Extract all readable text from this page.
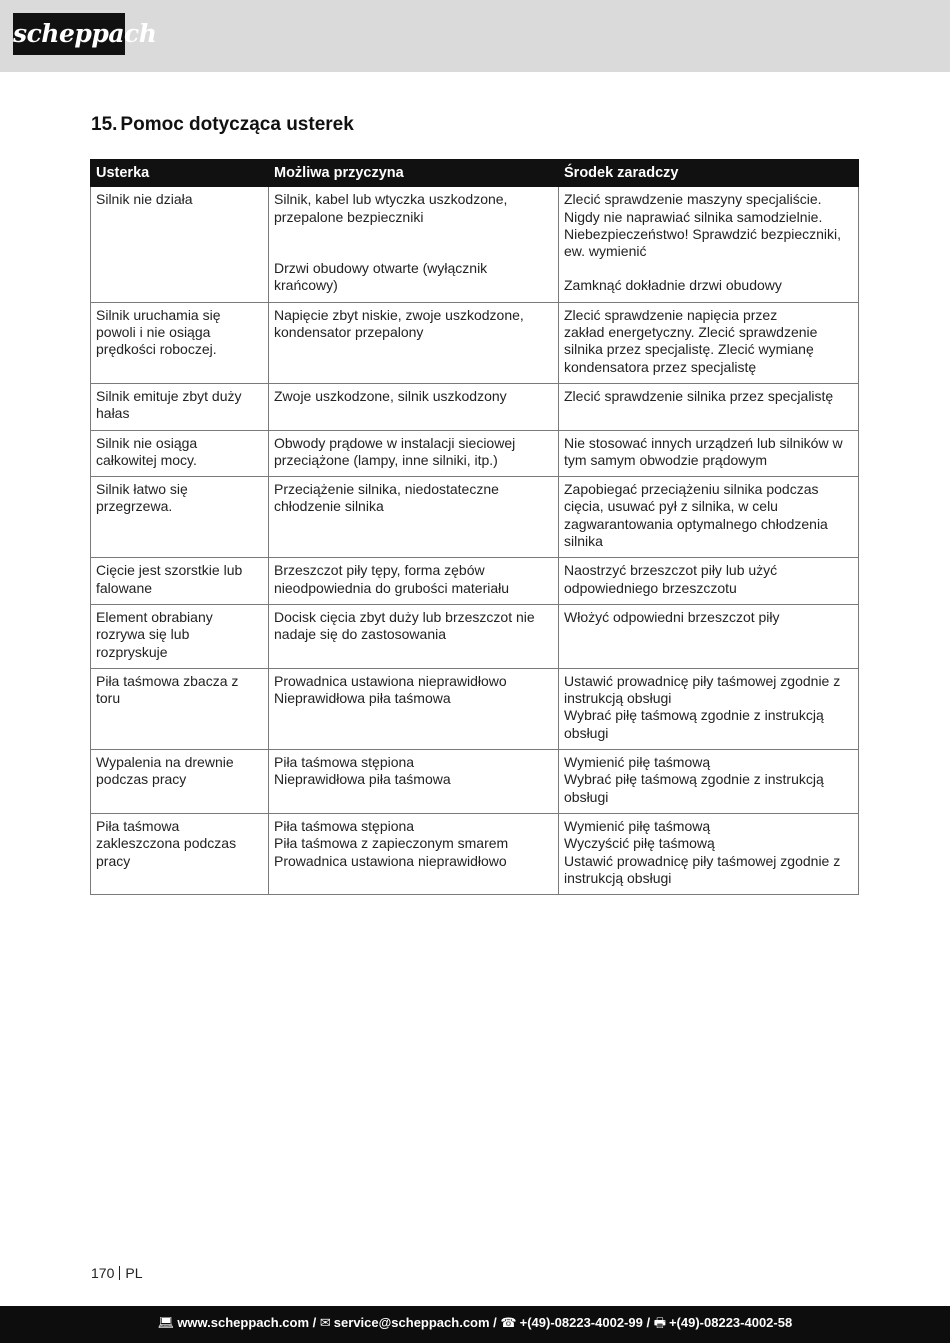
scheppach
15. Pomoc dotycząca usterek
Usterka	Możliwa przyczyna	Środek zaradczy

Silnik nie działa	Silnik, kabel lub wtyczka uszkodzone,
przepalone bezpieczniki
Drzwi obudowy otwarte (wyłącznik
krańcowy)	Zlecić sprawdzenie maszyny specjaliście.
Nigdy nie naprawiać silnika samodzielnie.
Niebezpieczeństwo! Sprawdzić bezpieczniki,
ew. wymienić
Zamknąć dokładnie drzwi obudowy

Silnik uruchamia się
powoli i nie osiąga
prędkości roboczej.	Napięcie zbyt niskie, zwoje uszkodzone,
kondensator przepalony	Zlecić sprawdzenie napięcia przez
zakład energetyczny. Zlecić sprawdzenie
silnika przez specjalistę. Zlecić wymianę
kondensatora przez specjalistę

Silnik emituje zbyt duży
hałas	Zwoje uszkodzone, silnik uszkodzony	Zlecić sprawdzenie silnika przez specjalistę

Silnik nie osiąga
całkowitej mocy.	Obwody prądowe w instalacji sieciowej
przeciążone (lampy, inne silniki, itp.)	Nie stosować innych urządzeń lub silników w
tym samym obwodzie prądowym

Silnik łatwo się
przegrzewa.	Przeciążenie silnika, niedostateczne
chłodzenie silnika	Zapobiegać przeciążeniu silnika podczas
cięcia, usuwać pył z silnika, w celu
zagwarantowania optymalnego chłodzenia
silnika

Cięcie jest szorstkie lub
falowane	Brzeszczot piły tępy, forma zębów
nieodpowiednia do grubości materiału	Naostrzyć brzeszczot piły lub użyć
odpowiedniego brzeszczotu

Element obrabiany
rozrywa się lub
rozpryskuje	Docisk cięcia zbyt duży lub brzeszczot nie
nadaje się do zastosowania	Włożyć odpowiedni brzeszczot piły

Piła taśmowa zbacza z
toru	Prowadnica ustawiona nieprawidłowo
Nieprawidłowa piła taśmowa	Ustawić prowadnicę piły taśmowej zgodnie z
instrukcją obsługi
Wybrać piłę taśmową zgodnie z instrukcją
obsługi

Wypalenia na drewnie
podczas pracy	Piła taśmowa stępiona
Nieprawidłowa piła taśmowa	Wymienić piłę taśmową
Wybrać piłę taśmową zgodnie z instrukcją
obsługi

Piła taśmowa
zakleszczona podczas
pracy	Piła taśmowa stępiona
Piła taśmowa z zapieczonym smarem
Prowadnica ustawiona nieprawidłowo	Wymienić piłę taśmową
Wyczyścić piłę taśmową
Ustawić prowadnicę piły taśmowej zgodnie z
instrukcją obsługi
170 PL
💻︎ www.scheppach.com / ✉︎ service@scheppach.com / ☎︎ +(49)-08223-4002-99 / 🖶︎ +(49)-08223-4002-58
